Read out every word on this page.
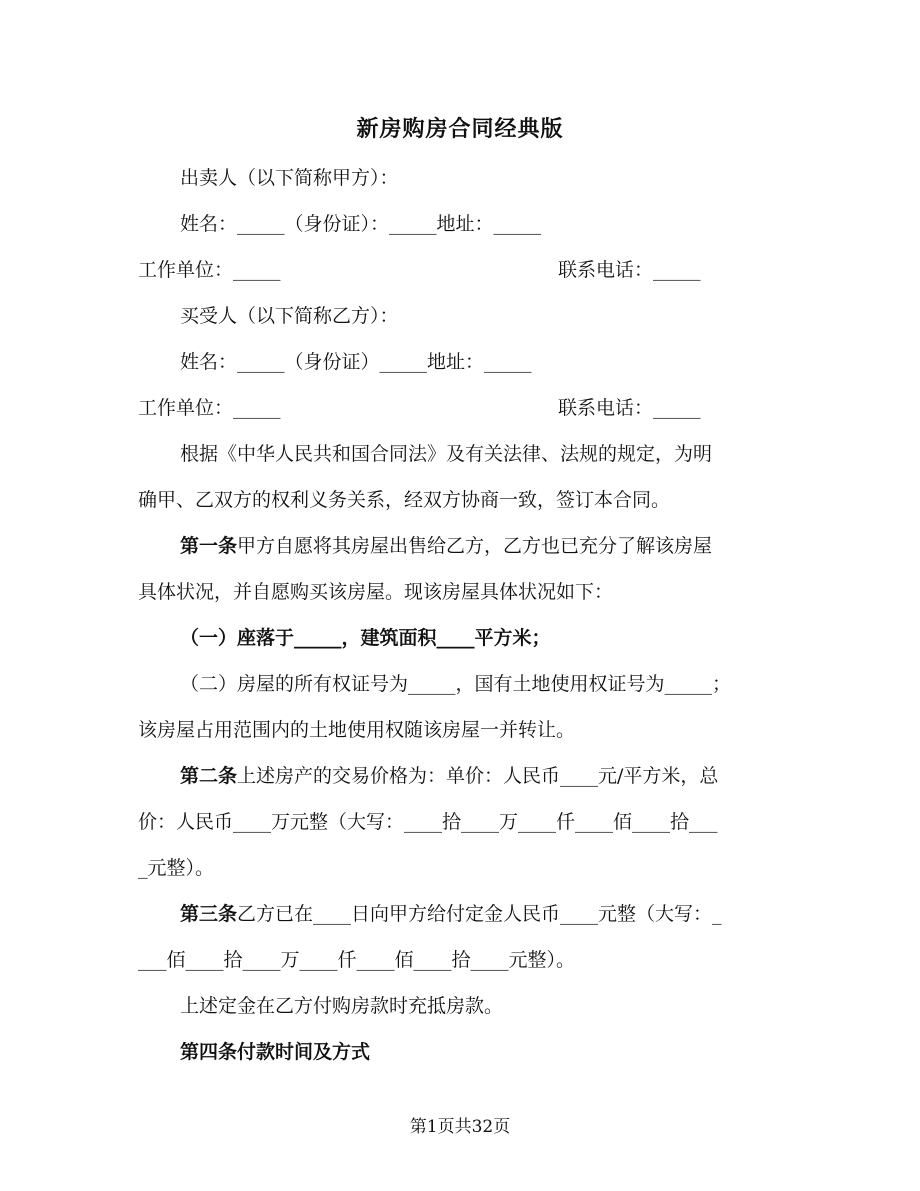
新房购房合同经典版
出卖人（以下简称甲方）：
姓名：_____（身份证）：_____地址：_____
工作单位：_____	联系电话：_____
买受人（以下简称乙方）：
姓名：_____（身份证）_____地址：_____
工作单位：_____	联系电话：_____
根据《中华人民共和国合同法》及有关法律、法规的规定，为明
确甲、乙双方的权利义务关系，经双方协商一致，签订本合同。
第一条甲方自愿将其房屋出售给乙方，乙方也已充分了解该房屋
具体状况，并自愿购买该房屋。现该房屋具体状况如下：
（一）座落于_____，建筑面积____平方米；
（二）房屋的所有权证号为_____，国有土地使用权证号为_____；
该房屋占用范围内的土地使用权随该房屋一并转让。
第二条上述房产的交易价格为：单价：人民币____元/平方米，总
价：人民币____万元整（大写：____拾____万____仟____佰____拾___
_元整）。
第三条乙方已在____日向甲方给付定金人民币____元整（大写：_
___佰____拾____万____仟____佰____拾____元整）。
上述定金在乙方付购房款时充抵房款。
第四条付款时间及方式
第1页共32页
